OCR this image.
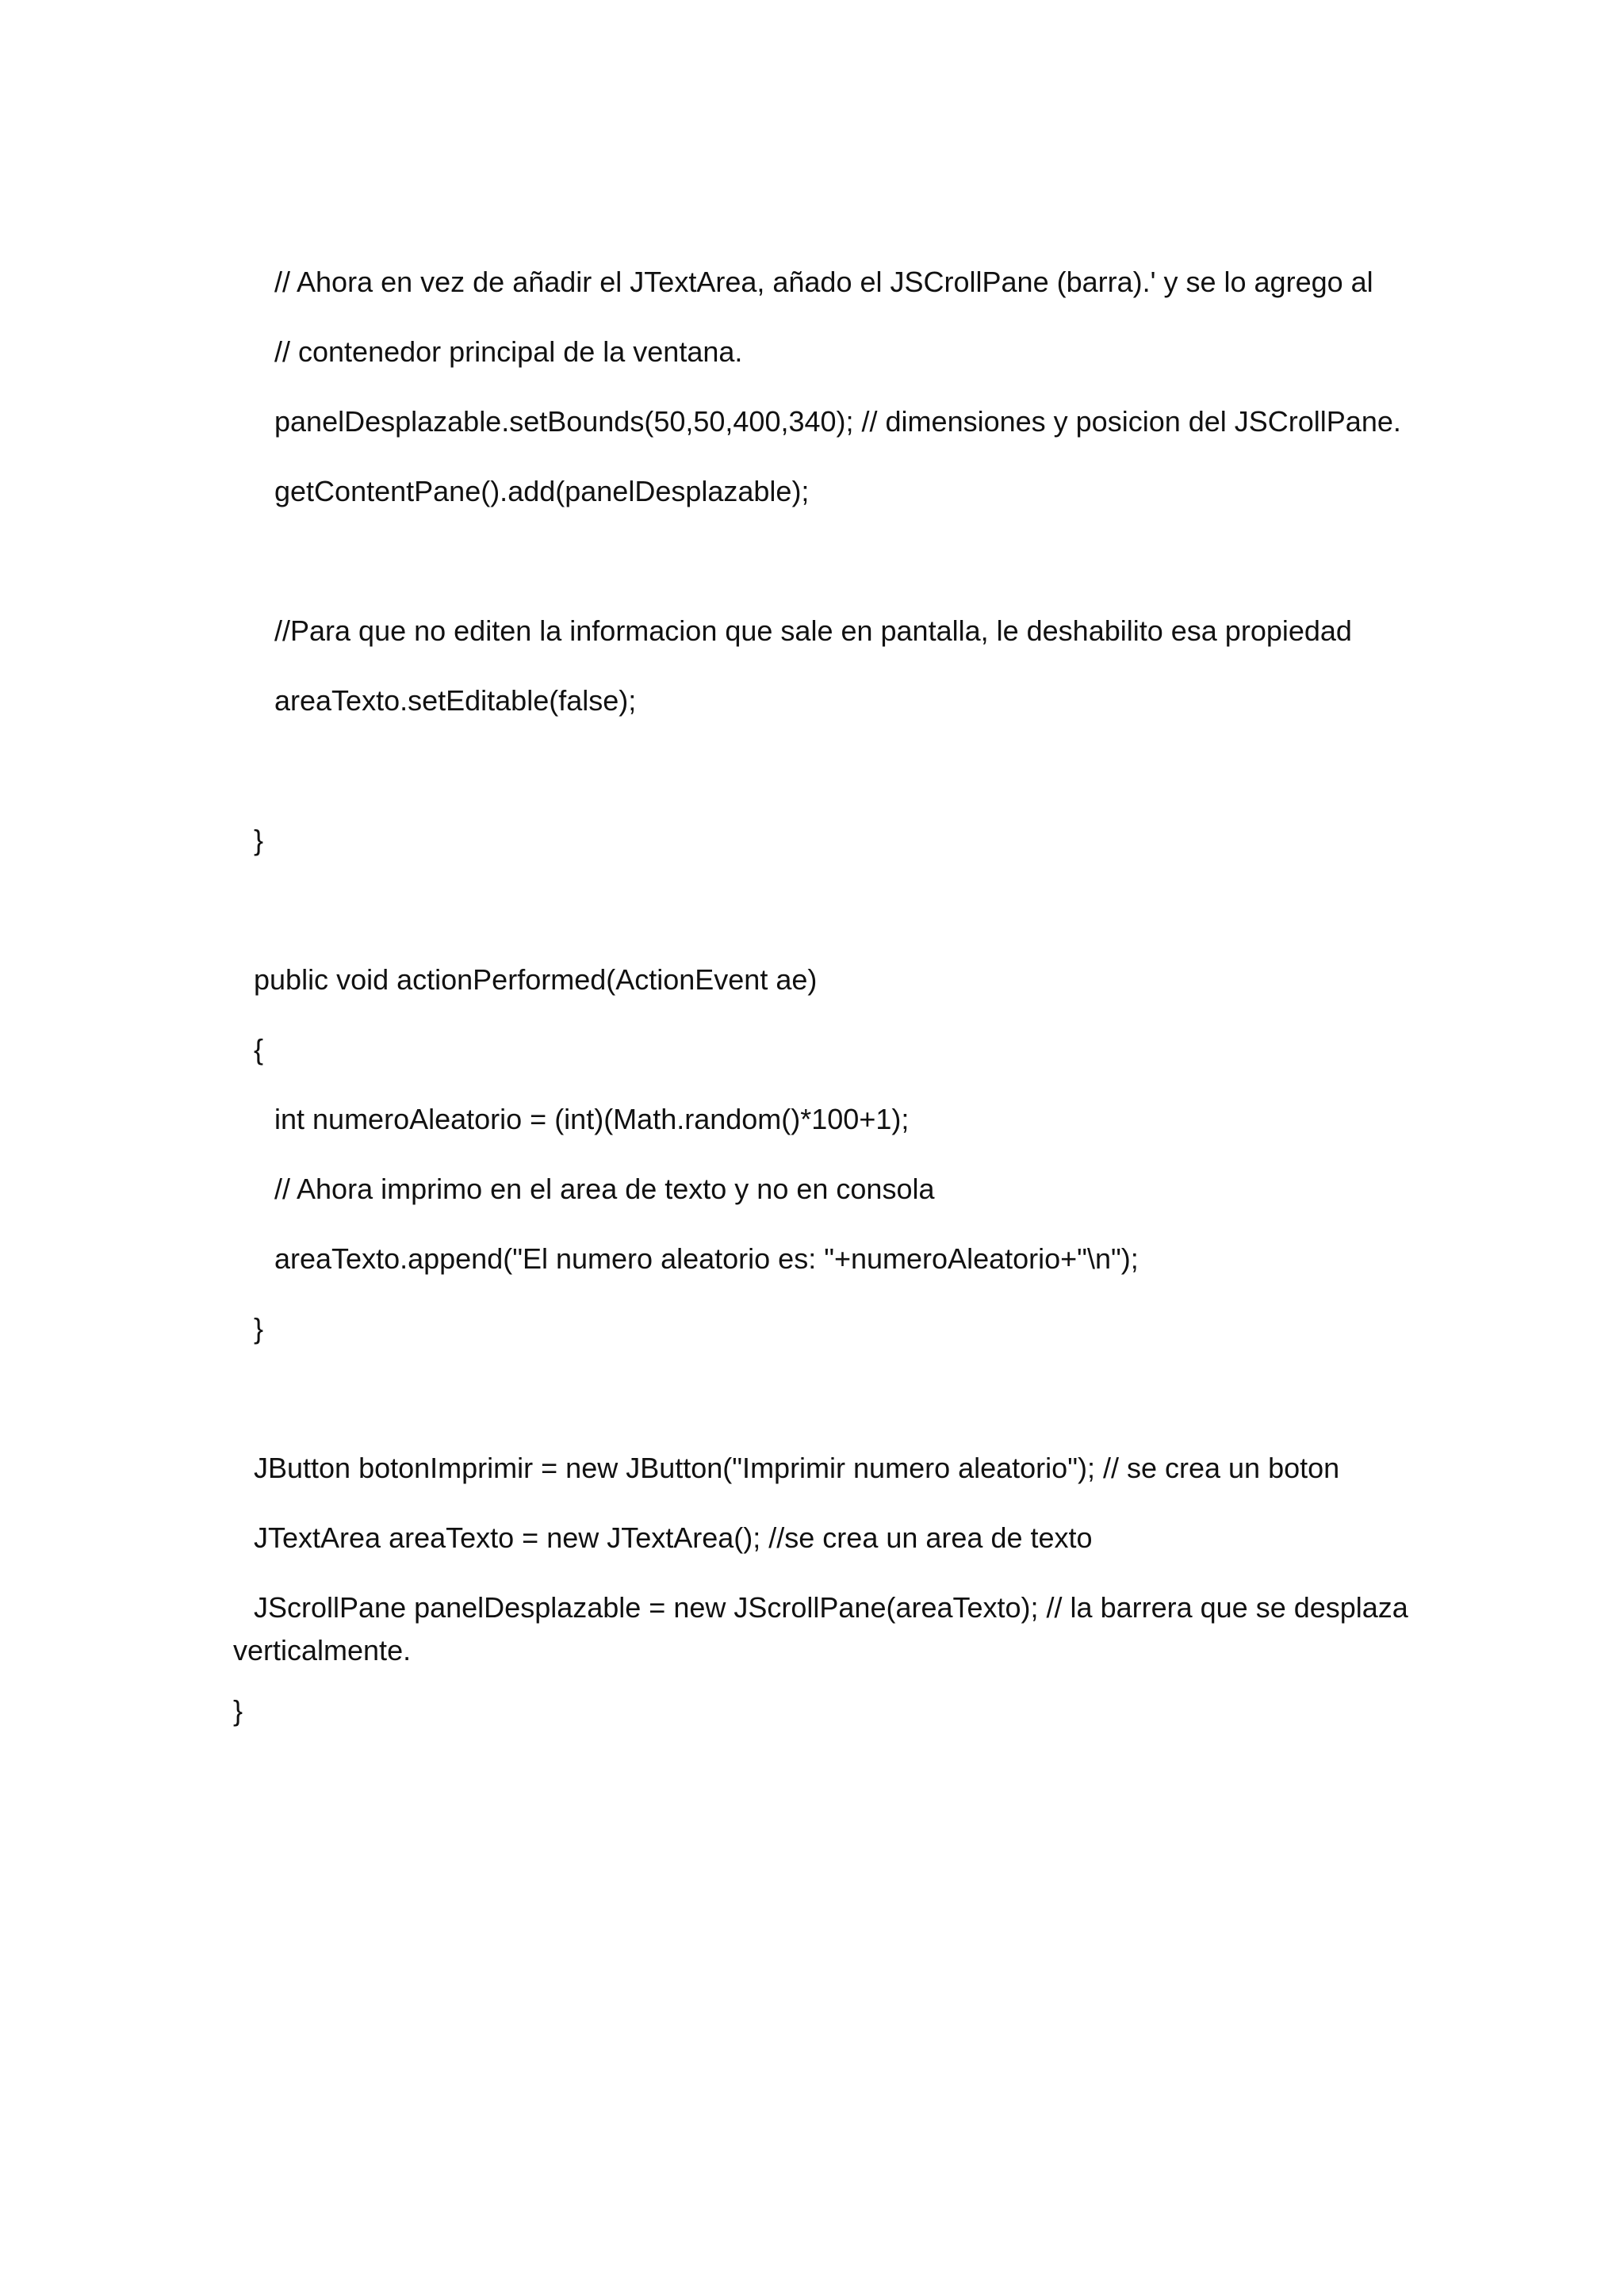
// Ahora en vez de añadir el JTextArea, añado el JSCrollPane (barra).' y se lo agrego al

// contenedor principal de la ventana.

panelDesplazable.setBounds(50,50,400,340); // dimensiones y posicion del JSCrollPane.

getContentPane().add(panelDesplazable);

//Para que no editen la informacion que sale en pantalla, le deshabilito esa propiedad

areaTexto.setEditable(false);

}

public void actionPerformed(ActionEvent ae)

{

int numeroAleatorio = (int)(Math.random()*100+1);

// Ahora imprimo en el area de texto y no en consola

areaTexto.append("El numero aleatorio es: "+numeroAleatorio+"\n");

}

JButton botonImprimir = new JButton("Imprimir numero aleatorio"); // se crea un boton

JTextArea areaTexto = new JTextArea(); //se crea un area de texto

JScrollPane panelDesplazable = new JScrollPane(areaTexto); // la barrera que se desplaza

verticalmente.

}
